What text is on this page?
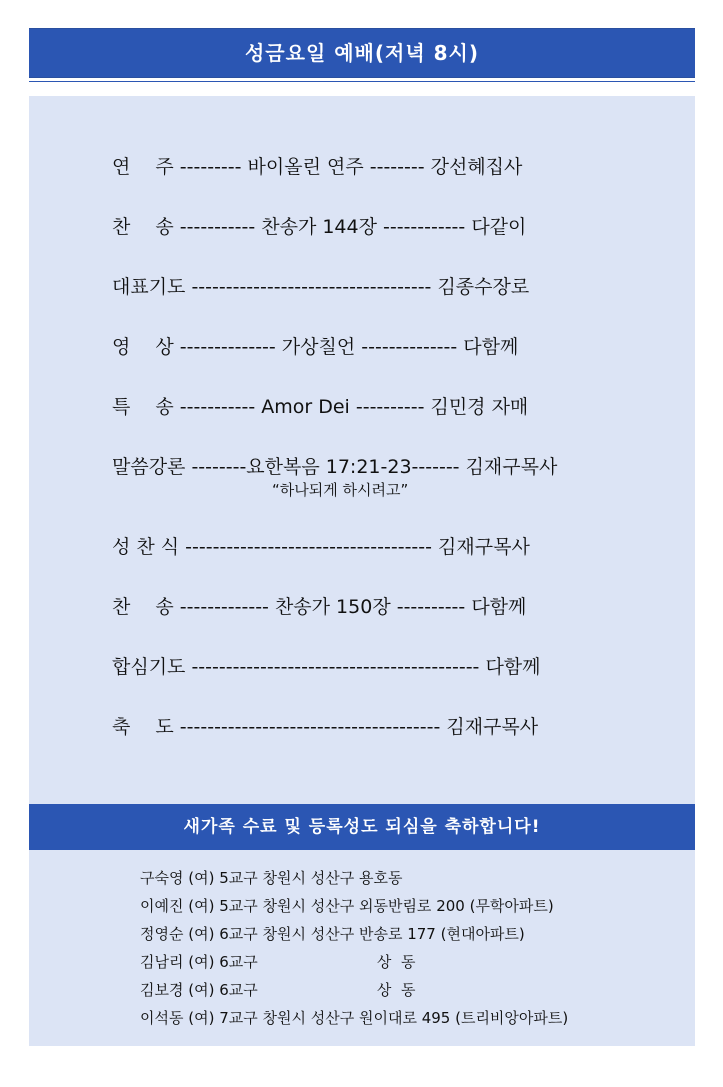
성금요일 예배(저녁 8시)
연　 주 --------- 바이올린 연주 -------- 강선혜집사
찬　 송 ----------- 찬송가 144장 ------------ 다같이
대표기도 ----------------------------------- 김종수장로
영　 상 -------------- 가상칠언 -------------- 다함께
특　 송 ----------- Amor Dei ---------- 김민경 자매
말씀강론 --------요한복음 17:21-23------- 김재구목사
“하나되게 하시려고”
성 찬 식 ------------------------------------ 김재구목사
찬　 송 ------------- 찬송가 150장 ---------- 다함께
합심기도 ------------------------------------------ 다함께
축　 도 -------------------------------------- 김재구목사
새가족 수료 및 등록성도 되심을 축하합니다!
구숙영 (여) 5교구 창원시 성산구 용호동
이예진 (여) 5교구 창원시 성산구 외동반림로 200 (무학아파트)
정영순 (여) 6교구 창원시 성산구 반송로 177 (현대아파트)
김남리 (여) 6교구                         상  동
김보경 (여) 6교구                         상  동
이석동 (여) 7교구 창원시 성산구 원이대로 495 (트리비앙아파트)
